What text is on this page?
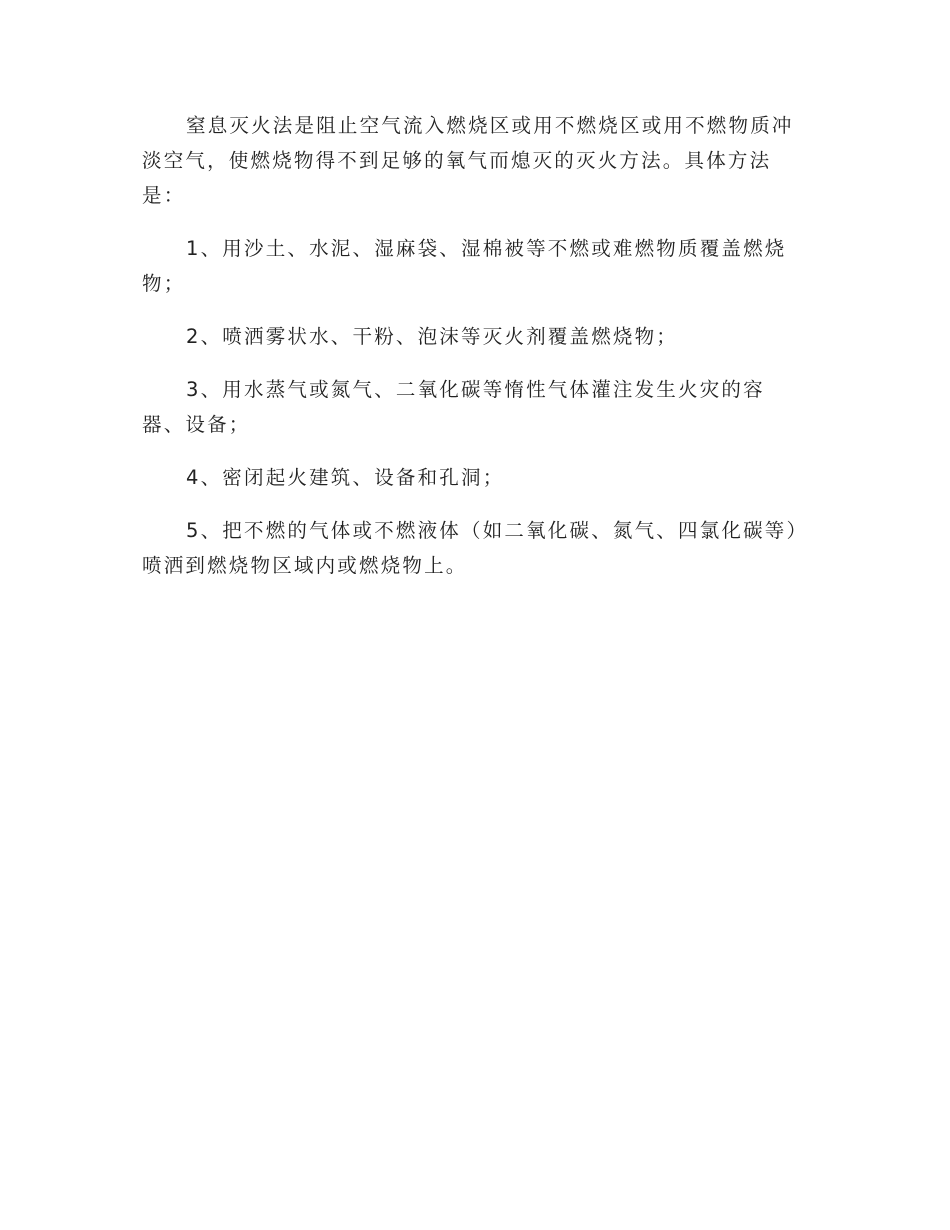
窒息灭火法是阻止空气流入燃烧区或用不燃烧区或用不燃物质冲淡空气，使燃烧物得不到足够的氧气而熄灭的灭火方法。具体方法是：

1、用沙土、水泥、湿麻袋、湿棉被等不燃或难燃物质覆盖燃烧物；

2、喷洒雾状水、干粉、泡沫等灭火剂覆盖燃烧物；

3、用水蒸气或氮气、二氧化碳等惰性气体灌注发生火灾的容器、设备；

4、密闭起火建筑、设备和孔洞；

5、把不燃的气体或不燃液体（如二氧化碳、氮气、四氯化碳等）喷洒到燃烧物区域内或燃烧物上。
